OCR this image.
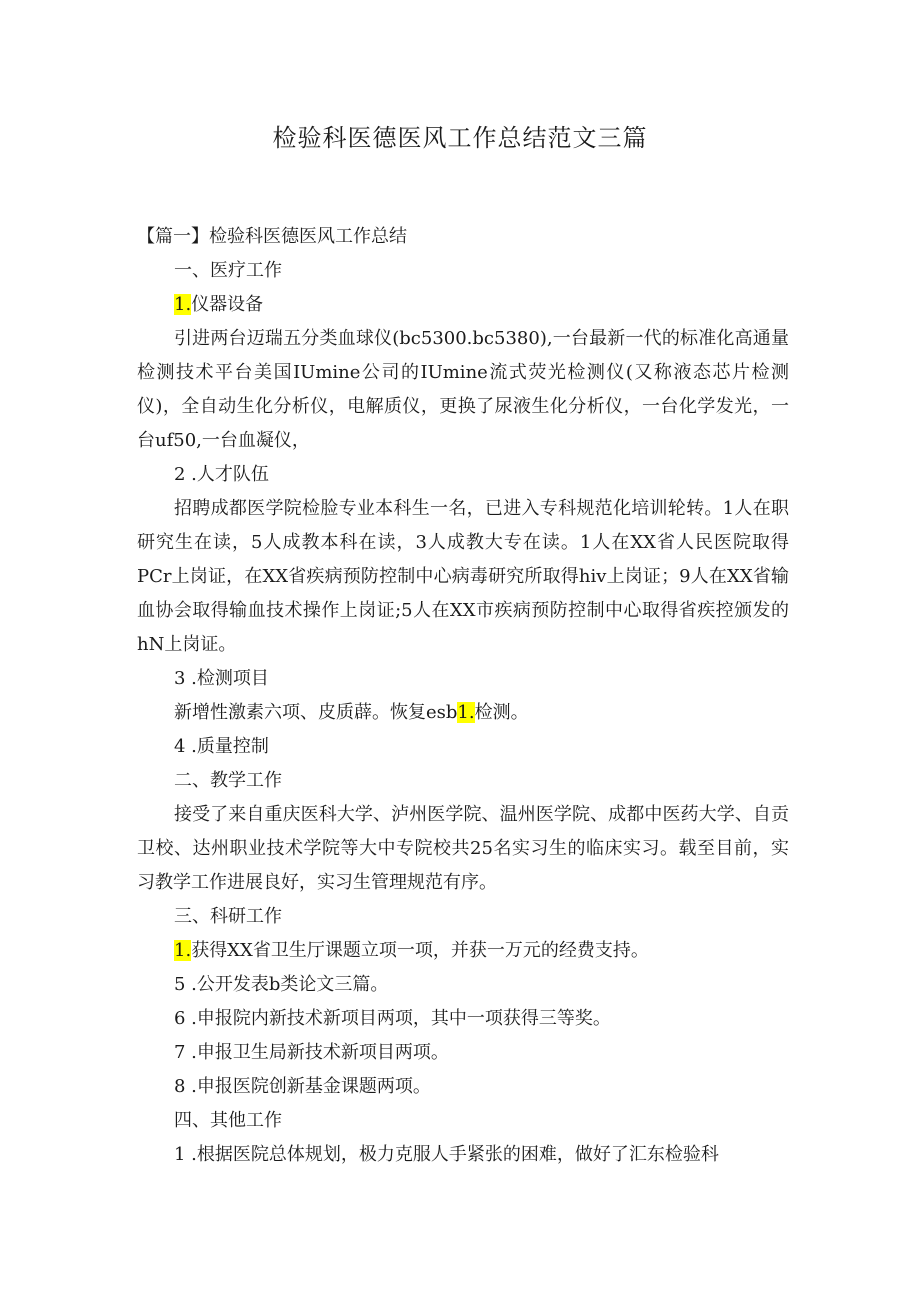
检验科医德医风工作总结范文三篇

【篇一】检验科医德医风工作总结

一、医疗工作

1.仪器设备

引进两台迈瑞五分类血球仪(bc5300.bc5380),一台最新一代的标准化高通量检测技术平台美国IUmine公司的IUmine流式荧光检测仪(又称液态芯片检测仪)，全自动生化分析仪，电解质仪，更换了尿液生化分析仪，一台化学发光，一台uf50,一台血凝仪，

2 .人才队伍

招聘成都医学院检脸专业本科生一名，已进入专科规范化培训轮转。1人在职研究生在读，5人成教本科在读，3人成教大专在读。1人在XX省人民医院取得PCr上岗证，在XX省疾病预防控制中心病毒研究所取得hiv上岗证；9人在XX省输血协会取得输血技术操作上岗证;5人在XX市疾病预防控制中心取得省疾控颁发的hN上岗证。

3 .检测项目

新增性激素六项、皮质薜。恢复esb1.检测。

4 .质量控制

二、教学工作

接受了来自重庆医科大学、泸州医学院、温州医学院、成都中医药大学、自贡卫校、达州职业技术学院等大中专院校共25名实习生的临床实习。载至目前，实习教学工作进展良好，实习生管理规范有序。

三、科研工作

1.获得XX省卫生厅课题立项一项，并获一万元的经费支持。

5 .公开发表b类论文三篇。

6 .申报院内新技术新项目两项，其中一项获得三等奖。

7 .申报卫生局新技术新项目两项。

8 .申报医院创新基金课题两项。

四、其他工作

1 .根据医院总体规划，极力克服人手紧张的困难，做好了汇东检验科
